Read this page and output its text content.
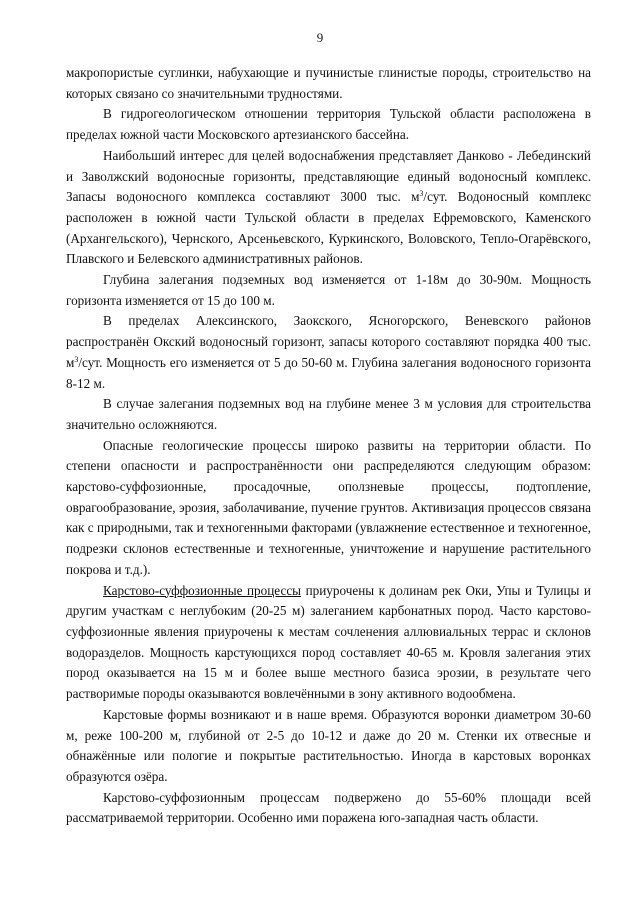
9

макропористые суглинки, набухающие и пучинистые глинистые породы, строительство на которых связано со значительными трудностями.

В гидрогеологическом отношении территория Тульской области расположена в пределах южной части Московского артезианского бассейна.

Наибольший интерес для целей водоснабжения представляет Данково - Лебединский и Заволжский водоносные горизонты, представляющие единый водоносный комплекс. Запасы водоносного комплекса составляют 3000 тыс. $м^3$/сут. Водоносный комплекс расположен в южной части Тульской области в пределах Ефремовского, Каменского (Архангельского), Чернского, Арсеньевского, Куркинского, Воловского, Тепло-Огарёвского, Плавского и Белевского административных районов.

Глубина залегания подземных вод изменяется от 1-18м до 30-90м. Мощность горизонта изменяется от 15 до 100 м.

В пределах Алексинского, Заокского, Ясногорского, Веневского районов распространён Окский водоносный горизонт, запасы которого составляют порядка 400 тыс. $м^3$/сут. Мощность его изменяется от 5 до 50-60 м. Глубина залегания водоносного горизонта 8-12 м.

В случае залегания подземных вод на глубине менее 3 м условия для строительства значительно осложняются.

Опасные геологические процессы широко развиты на территории области. По степени опасности и распространённости они распределяются следующим образом: карстово-суффозионные, просадочные, оползневые процессы, подтопление, оврагообразование, эрозия, заболачивание, пучение грунтов. Активизация процессов связана как с природными, так и техногенными факторами (увлажнение естественное и техногенное, подрезки склонов естественные и техногенные, уничтожение и нарушение растительного покрова и т.д.).

Карстово-суффозионные процессы приурочены к долинам рек Оки, Упы и Тулицы и другим участкам с неглубоким (20-25 м) залеганием карбонатных пород. Часто карстово-суффозионные явления приурочены к местам сочленения аллювиальных террас и склонов водоразделов. Мощность карстующихся пород составляет 40-65 м. Кровля залегания этих пород оказывается на 15 м и более выше местного базиса эрозии, в результате чего растворимые породы оказываются вовлечёнными в зону активного водообмена.

Карстовые формы возникают и в наше время. Образуются воронки диаметром 30-60 м, реже 100-200 м, глубиной от 2-5 до 10-12 и даже до 20 м. Стенки их отвесные и обнажённые или пологие и покрытые растительностью. Иногда в карстовых воронках образуются озёра.

Карстово-суффозионным процессам подвержено до 55-60% площади всей рассматриваемой территории. Особенно ими поражена юго-западная часть области.
